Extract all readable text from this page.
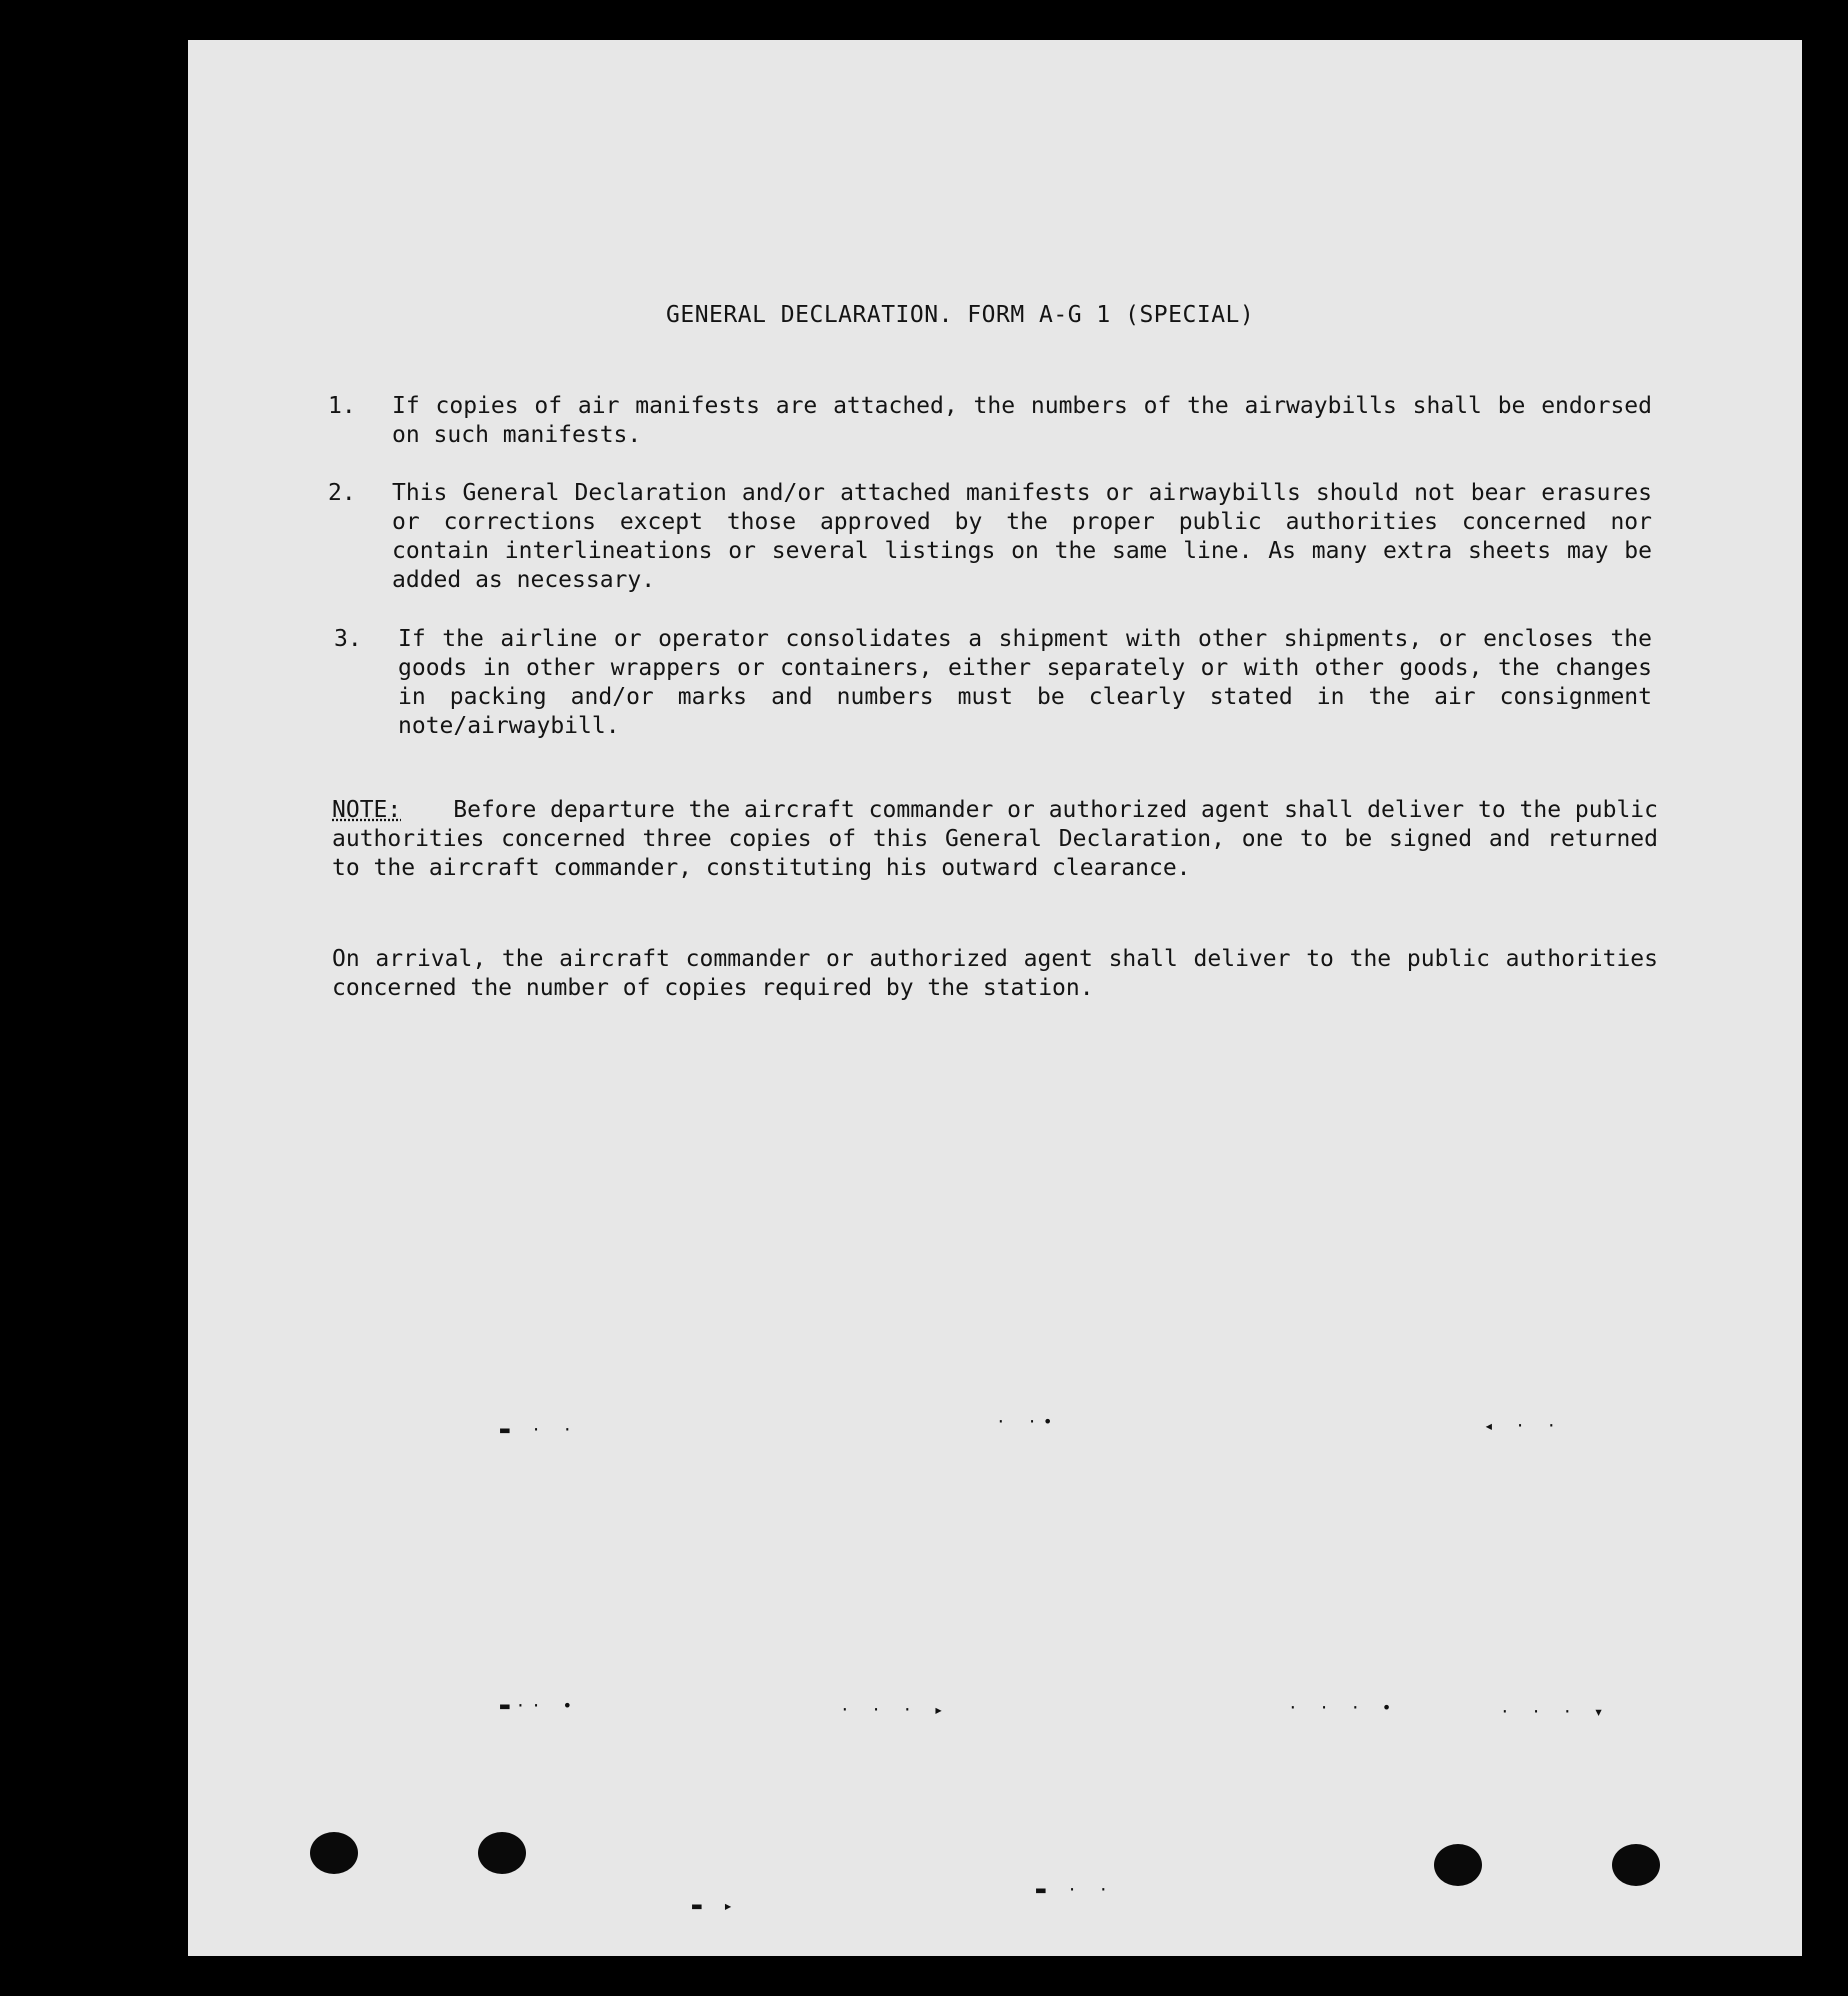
GENERAL DECLARATION. FORM A-G 1 (SPECIAL)
1.	If copies of air manifests are attached, the numbers of the airwaybills shall be endorsed on such manifests.
2.	This General Declaration and/or attached manifests or airwaybills should not bear erasures or corrections except those approved by the proper public authorities concerned nor contain interlineations or several listings on the same line. As many extra sheets may be added as necessary.
3.	If the airline or operator consolidates a shipment with other shipments, or encloses the goods in other wrappers or containers, either separately or with other goods, the changes in packing and/or marks and numbers must be clearly stated in the air consignment note/airwaybill.
NOTE: Before departure the aircraft commander or authorized agent shall deliver to the public authorities concerned three copies of this General Declaration, one to be signed and returned to the aircraft commander, constituting his outward clearance.
On arrival, the aircraft commander or authorized agent shall deliver to the public authorities concerned the number of copies required by the station.
▬ · ·	· ·•	◂ · ·
▬·· •	· · · ▸	· · · •	· · · ▾
▬ ▸
▬ · ·
